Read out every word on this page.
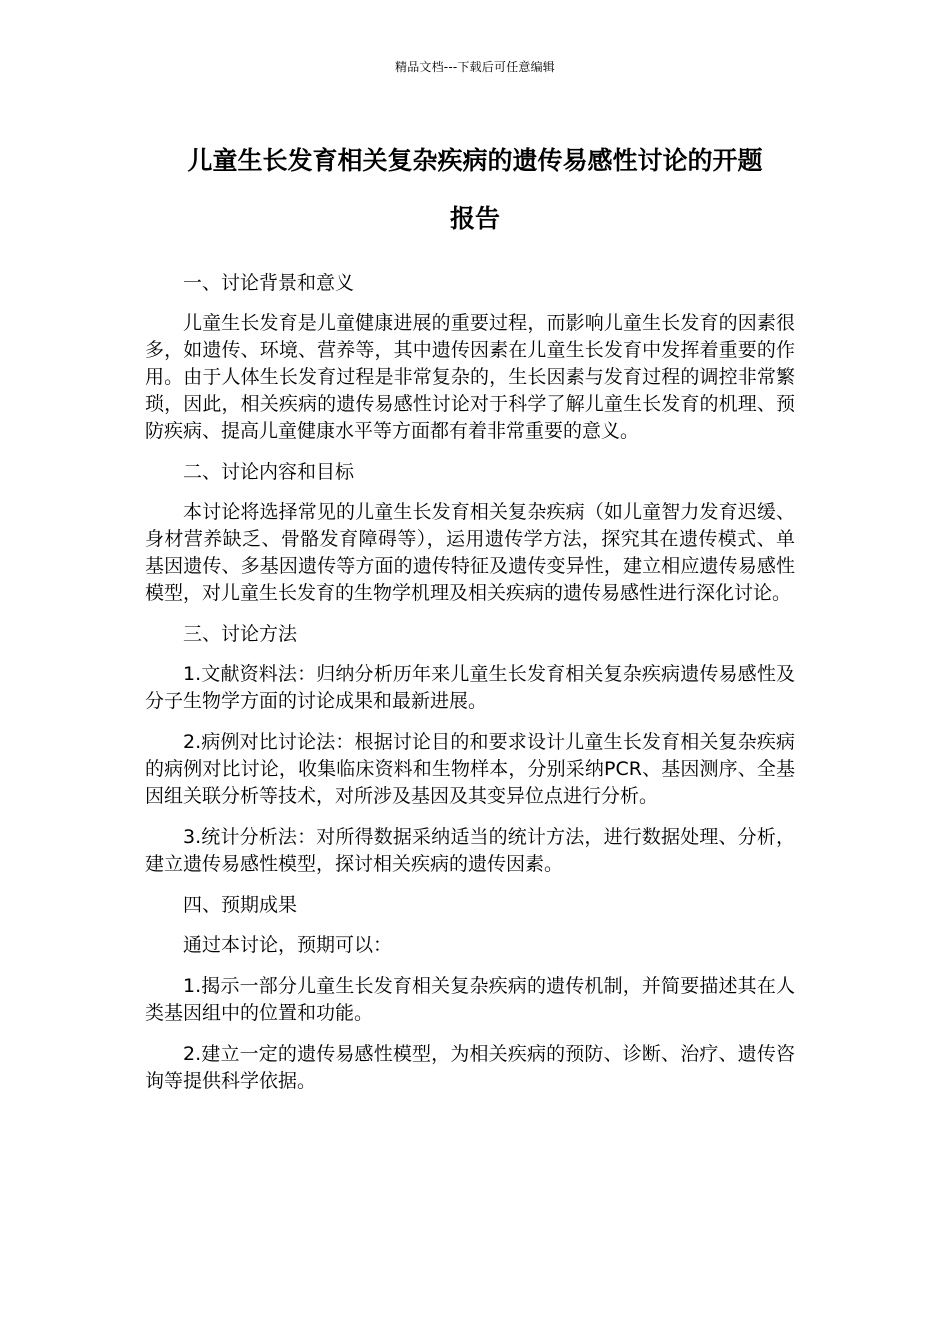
精品文档---下载后可任意编辑
儿童生长发育相关复杂疾病的遗传易感性讨论的开题
报告

一、讨论背景和意义

儿童生长发育是儿童健康进展的重要过程，而影响儿童生长发育的因素很多，如遗传、环境、营养等，其中遗传因素在儿童生长发育中发挥着重要的作用。由于人体生长发育过程是非常复杂的，生长因素与发育过程的调控非常繁琐，因此，相关疾病的遗传易感性讨论对于科学了解儿童生长发育的机理、预防疾病、提高儿童健康水平等方面都有着非常重要的意义。

二、讨论内容和目标

本讨论将选择常见的儿童生长发育相关复杂疾病（如儿童智力发育迟缓、身材营养缺乏、骨骼发育障碍等），运用遗传学方法，探究其在遗传模式、单基因遗传、多基因遗传等方面的遗传特征及遗传变异性，建立相应遗传易感性模型，对儿童生长发育的生物学机理及相关疾病的遗传易感性进行深化讨论。

三、讨论方法

1.文献资料法：归纳分析历年来儿童生长发育相关复杂疾病遗传易感性及分子生物学方面的讨论成果和最新进展。

2.病例对比讨论法：根据讨论目的和要求设计儿童生长发育相关复杂疾病的病例对比讨论，收集临床资料和生物样本，分别采纳PCR、基因测序、全基因组关联分析等技术，对所涉及基因及其变异位点进行分析。

3.统计分析法：对所得数据采纳适当的统计方法，进行数据处理、分析，建立遗传易感性模型，探讨相关疾病的遗传因素。

四、预期成果

通过本讨论，预期可以：

1.揭示一部分儿童生长发育相关复杂疾病的遗传机制，并简要描述其在人类基因组中的位置和功能。

2.建立一定的遗传易感性模型，为相关疾病的预防、诊断、治疗、遗传咨询等提供科学依据。
